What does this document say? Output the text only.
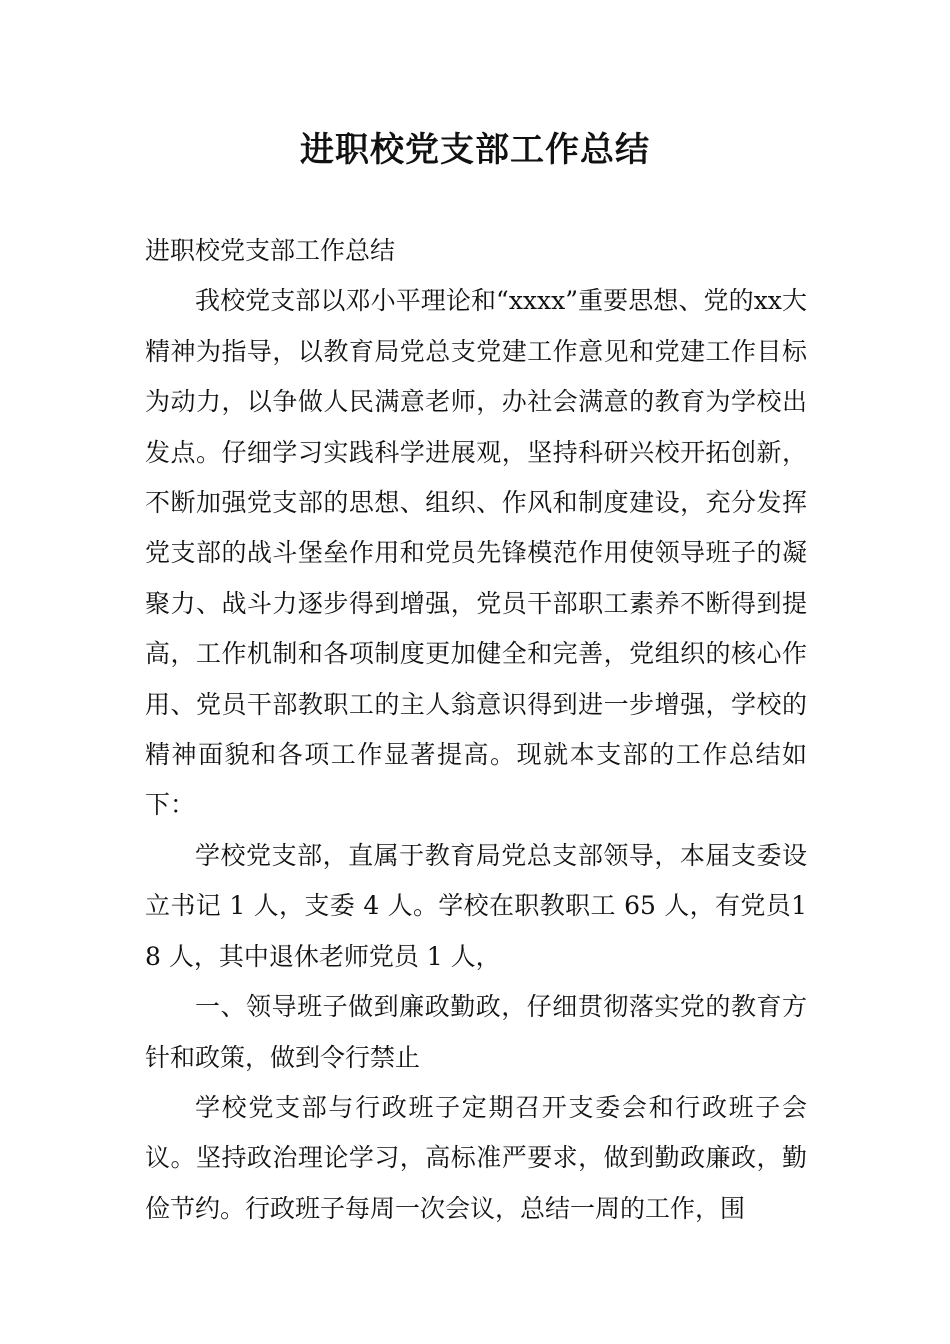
进职校党支部工作总结

进职校党支部工作总结

我校党支部以邓小平理论和“xxxx”重要思想、党的xx大精神为指导，以教育局党总支党建工作意见和党建工作目标为动力，以争做人民满意老师，办社会满意的教育为学校出发点。仔细学习实践科学进展观，坚持科研兴校开拓创新，不断加强党支部的思想、组织、作风和制度建设，充分发挥党支部的战斗堡垒作用和党员先锋模范作用使领导班子的凝聚力、战斗力逐步得到增强，党员干部职工素养不断得到提高，工作机制和各项制度更加健全和完善，党组织的核心作用、党员干部教职工的主人翁意识得到进一步增强，学校的精神面貌和各项工作显著提高。现就本支部的工作总结如下：

学校党支部，直属于教育局党总支部领导，本届支委设立书记 1 人，支委 4 人。学校在职教职工 65 人，有党员18 人，其中退休老师党员 1 人，

一、领导班子做到廉政勤政，仔细贯彻落实党的教育方针和政策，做到令行禁止

学校党支部与行政班子定期召开支委会和行政班子会议。坚持政治理论学习，高标准严要求，做到勤政廉政，勤俭节约。行政班子每周一次会议，总结一周的工作，围
